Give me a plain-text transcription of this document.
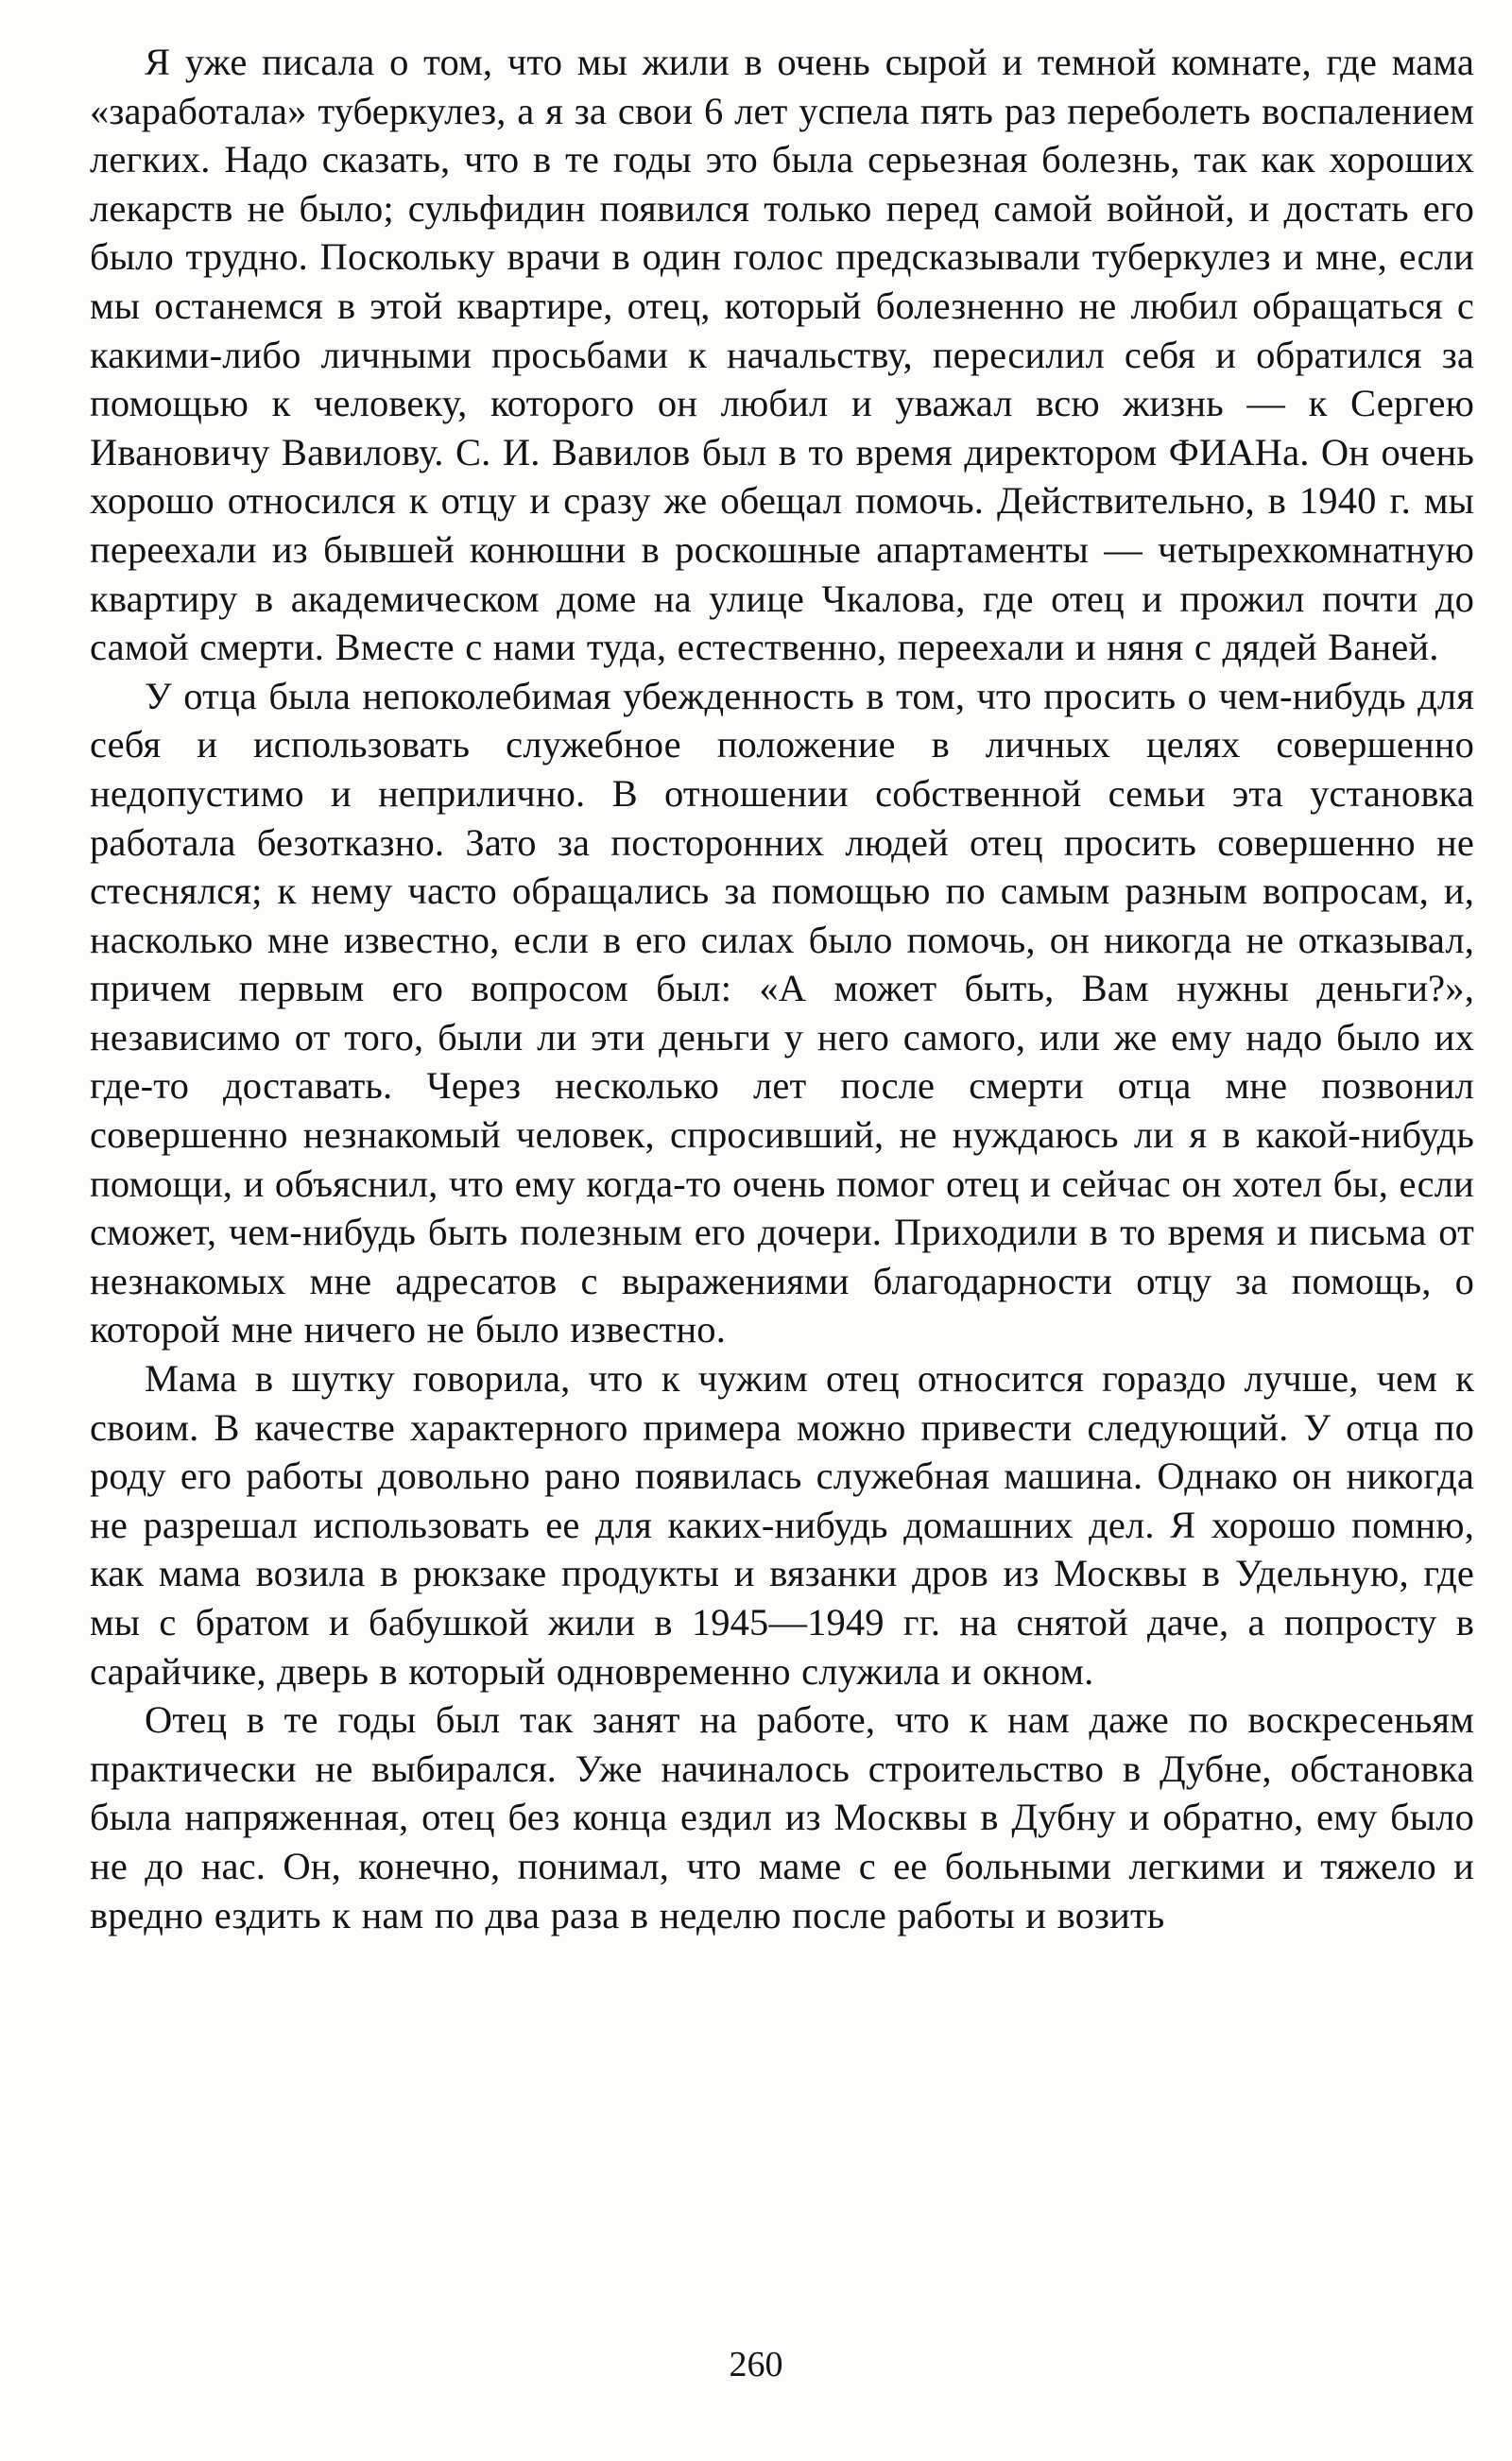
Я уже писала о том, что мы жили в очень сырой и темной комнате, где мама «заработала» туберкулез, а я за свои 6 лет успела пять раз переболеть воспалением легких. Надо сказать, что в те годы это была серьезная болезнь, так как хороших лекарств не было; сульфидин появился только перед самой войной, и достать его было трудно. Поскольку врачи в один голос предсказывали туберкулез и мне, если мы останемся в этой квартире, отец, который болезненно не любил обращаться с какими-либо личными просьбами к начальству, пересилил себя и обратился за помощью к человеку, которого он любил и уважал всю жизнь — к Сергею Ивановичу Вавилову. С. И. Вавилов был в то время директором ФИАНа. Он очень хорошо относился к отцу и сразу же обещал помочь. Действительно, в 1940 г. мы переехали из бывшей конюшни в роскошные апартаменты — четырехкомнатную квартиру в академическом доме на улице Чкалова, где отец и прожил почти до самой смерти. Вместе с нами туда, естественно, переехали и няня с дядей Ваней.

У отца была непоколебимая убежденность в том, что просить о чем-нибудь для себя и использовать служебное положение в личных целях совершенно недопустимо и неприлично. В отношении собственной семьи эта установка работала безотказно. Зато за посторонних людей отец просить совершенно не стеснялся; к нему часто обращались за помощью по самым разным вопросам, и, насколько мне известно, если в его силах было помочь, он никогда не отказывал, причем первым его вопросом был: «А может быть, Вам нужны деньги?», независимо от того, были ли эти деньги у него самого, или же ему надо было их где-то доставать. Через несколько лет после смерти отца мне позвонил совершенно незнакомый человек, спросивший, не нуждаюсь ли я в какой-нибудь помощи, и объяснил, что ему когда-то очень помог отец и сейчас он хотел бы, если сможет, чем-нибудь быть полезным его дочери. Приходили в то время и письма от незнакомых мне адресатов с выражениями благодарности отцу за помощь, о которой мне ничего не было известно.

Мама в шутку говорила, что к чужим отец относится гораздо лучше, чем к своим. В качестве характерного примера можно привести следующий. У отца по роду его работы довольно рано появилась служебная машина. Однако он никогда не разрешал использовать ее для каких-нибудь домашних дел. Я хорошо помню, как мама возила в рюкзаке продукты и вязанки дров из Москвы в Удельную, где мы с братом и бабушкой жили в 1945—1949 гг. на снятой даче, а попросту в сарайчике, дверь в который одновременно служила и окном.

Отец в те годы был так занят на работе, что к нам даже по воскресеньям практически не выбирался. Уже начиналось строительство в Дубне, обстановка была напряженная, отец без конца ездил из Москвы в Дубну и обратно, ему было не до нас. Он, конечно, понимал, что маме с ее больными легкими и тяжело и вредно ездить к нам по два раза в неделю после работы и возить

260
